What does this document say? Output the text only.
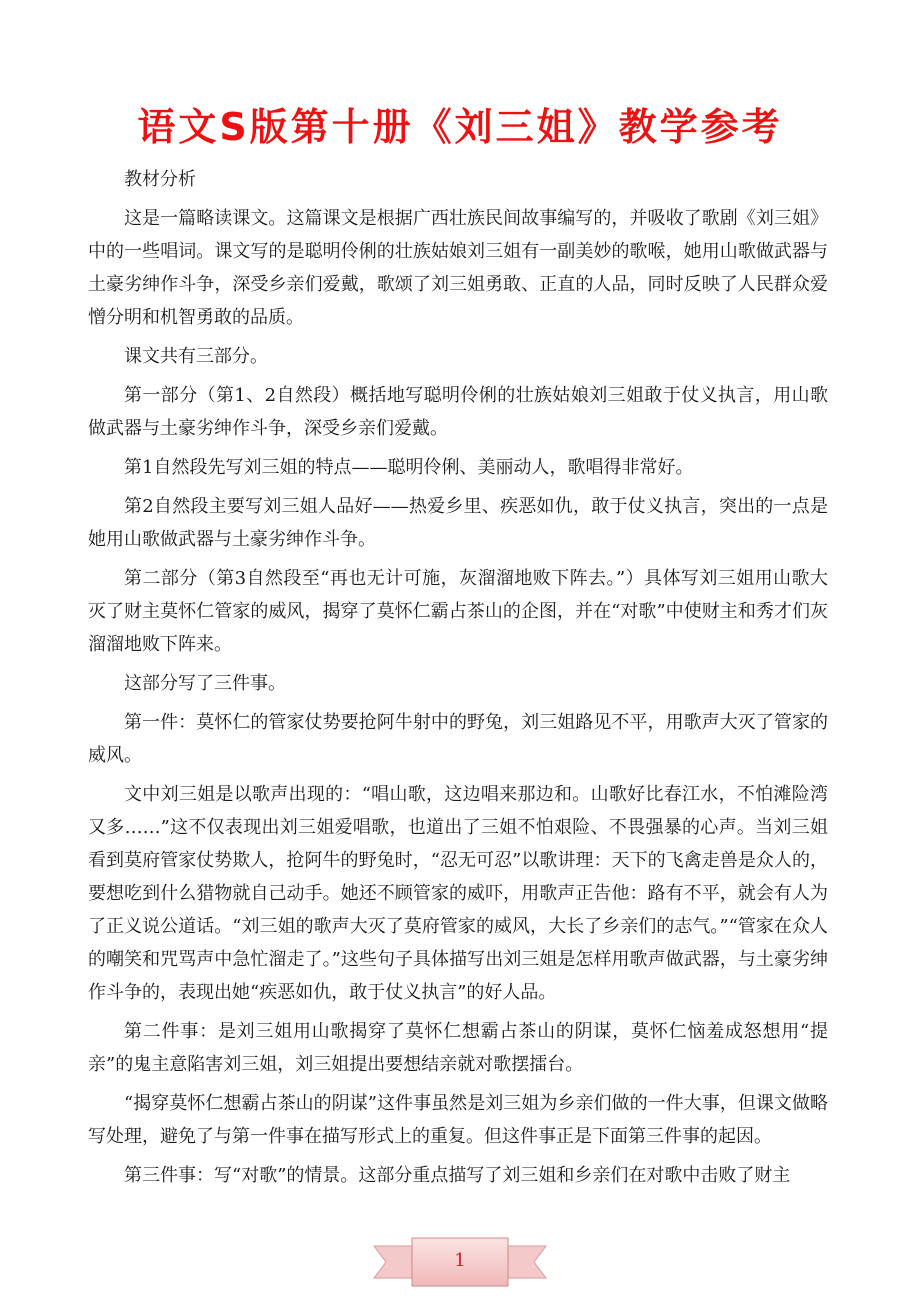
语文S版第十册《刘三姐》教学参考

教材分析

这是一篇略读课文。这篇课文是根据广西壮族民间故事编写的，并吸收了歌剧《刘三姐》中的一些唱词。课文写的是聪明伶俐的壮族姑娘刘三姐有一副美妙的歌喉，她用山歌做武器与土豪劣绅作斗争，深受乡亲们爱戴，歌颂了刘三姐勇敢、正直的人品，同时反映了人民群众爱憎分明和机智勇敢的品质。

课文共有三部分。

第一部分（第1、2自然段）概括地写聪明伶俐的壮族姑娘刘三姐敢于仗义执言，用山歌做武器与土豪劣绅作斗争，深受乡亲们爱戴。

第1自然段先写刘三姐的特点——聪明伶俐、美丽动人，歌唱得非常好。

第2自然段主要写刘三姐人品好——热爱乡里、疾恶如仇，敢于仗义执言，突出的一点是她用山歌做武器与土豪劣绅作斗争。

第二部分（第3自然段至“再也无计可施，灰溜溜地败下阵去。”）具体写刘三姐用山歌大灭了财主莫怀仁管家的威风，揭穿了莫怀仁霸占茶山的企图，并在“对歌”中使财主和秀才们灰溜溜地败下阵来。

这部分写了三件事。

第一件：莫怀仁的管家仗势要抢阿牛射中的野兔，刘三姐路见不平，用歌声大灭了管家的威风。

文中刘三姐是以歌声出现的：“唱山歌，这边唱来那边和。山歌好比春江水，不怕滩险湾又多……”这不仅表现出刘三姐爱唱歌，也道出了三姐不怕艰险、不畏强暴的心声。当刘三姐看到莫府管家仗势欺人，抢阿牛的野兔时，“忍无可忍”以歌讲理：天下的飞禽走兽是众人的，要想吃到什么猎物就自己动手。她还不顾管家的威吓，用歌声正告他：路有不平，就会有人为了正义说公道话。“刘三姐的歌声大灭了莫府管家的威风，大长了乡亲们的志气。”“管家在众人的嘲笑和咒骂声中急忙溜走了。”这些句子具体描写出刘三姐是怎样用歌声做武器，与土豪劣绅作斗争的，表现出她“疾恶如仇，敢于仗义执言”的好人品。

第二件事：是刘三姐用山歌揭穿了莫怀仁想霸占茶山的阴谋，莫怀仁恼羞成怒想用“提亲”的鬼主意陷害刘三姐，刘三姐提出要想结亲就对歌摆擂台。

“揭穿莫怀仁想霸占茶山的阴谋”这件事虽然是刘三姐为乡亲们做的一件大事，但课文做略写处理，避免了与第一件事在描写形式上的重复。但这件事正是下面第三件事的起因。

第三件事：写“对歌”的情景。这部分重点描写了刘三姐和乡亲们在对歌中击败了财主

1
